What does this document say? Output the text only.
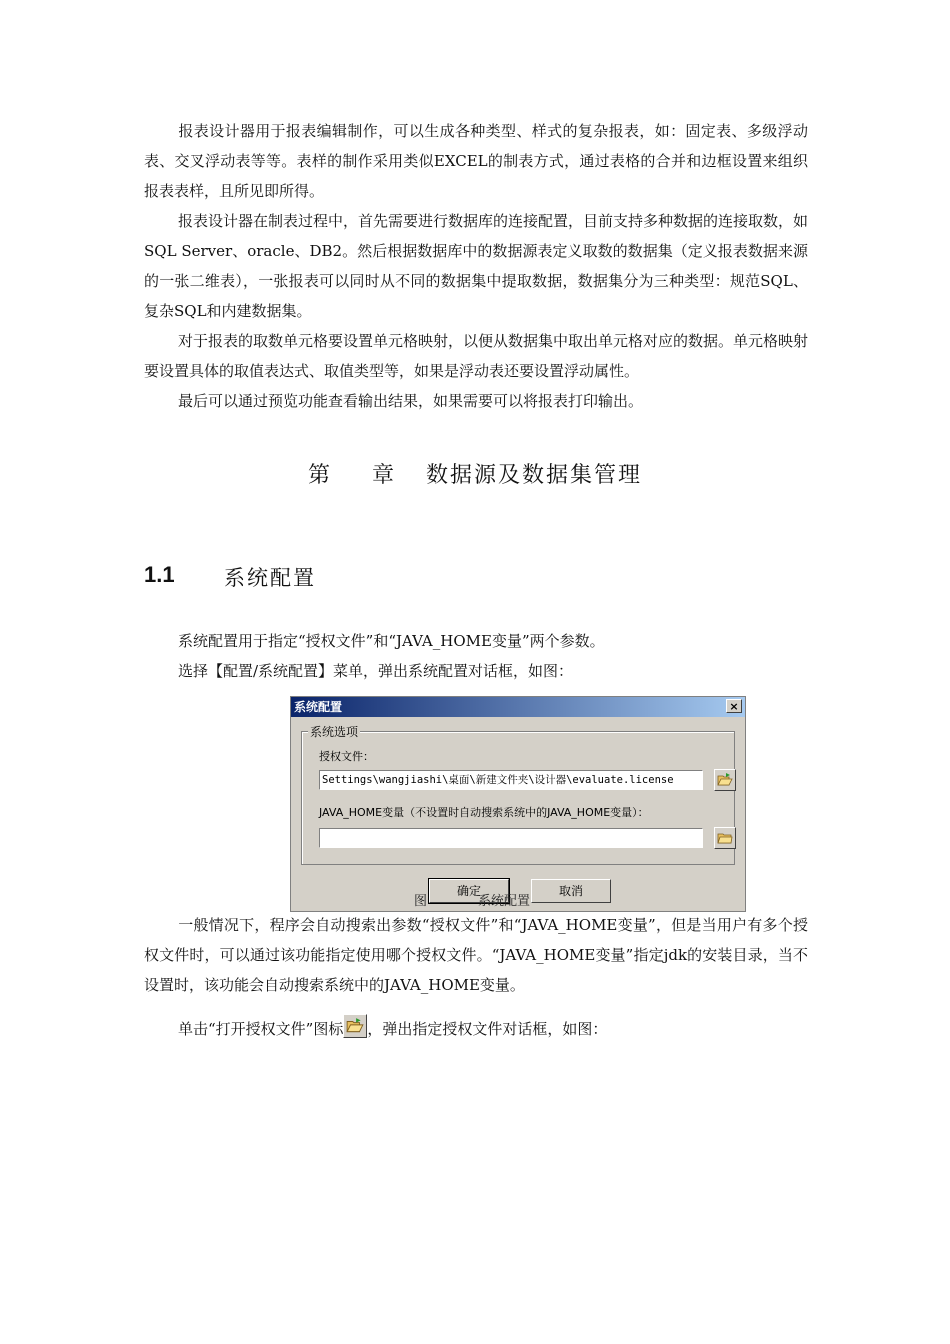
报表设计器用于报表编辑制作，可以生成各种类型、样式的复杂报表，如：固定表、多级浮动表、交叉浮动表等等。表样的制作采用类似EXCEL的制表方式，通过表格的合并和边框设置来组织报表表样，且所见即所得。

报表设计器在制表过程中，首先需要进行数据库的连接配置，目前支持多种数据的连接取数，如SQL Server、oracle、DB2。然后根据数据库中的数据源表定义取数的数据集（定义报表数据来源的一张二维表），一张报表可以同时从不同的数据集中提取数据，数据集分为三种类型：规范SQL、复杂SQL和内建数据集。

对于报表的取数单元格要设置单元格映射，以便从数据集中取出单元格对应的数据。单元格映射要设置具体的取值表达式、取值类型等，如果是浮动表还要设置浮动属性。

最后可以通过预览功能查看输出结果，如果需要可以将报表打印输出。

第 章 数据源及数据集管理
1.1 系统配置

系统配置用于指定“授权文件”和“JAVA_HOME变量”两个参数。

选择【配置/系统配置】菜单，弹出系统配置对话框，如图：

系统配置	×
系统选项
授权文件：
Settings\wangjiashi\桌面\新建文件夹\设计器\evaluate.license
JAVA_HOME变量（不设置时自动搜索系统中的JAVA_HOME变量）：
确定	取消
图	系统配置

一般情况下，程序会自动搜索出参数“授权文件”和“JAVA_HOME变量”，但是当用户有多个授权文件时，可以通过该功能指定使用哪个授权文件。“JAVA_HOME变量”指定jdk的安装目录，当不设置时，该功能会自动搜索系统中的JAVA_HOME变量。

单击“打开授权文件”图标 ，弹出指定授权文件对话框，如图：
